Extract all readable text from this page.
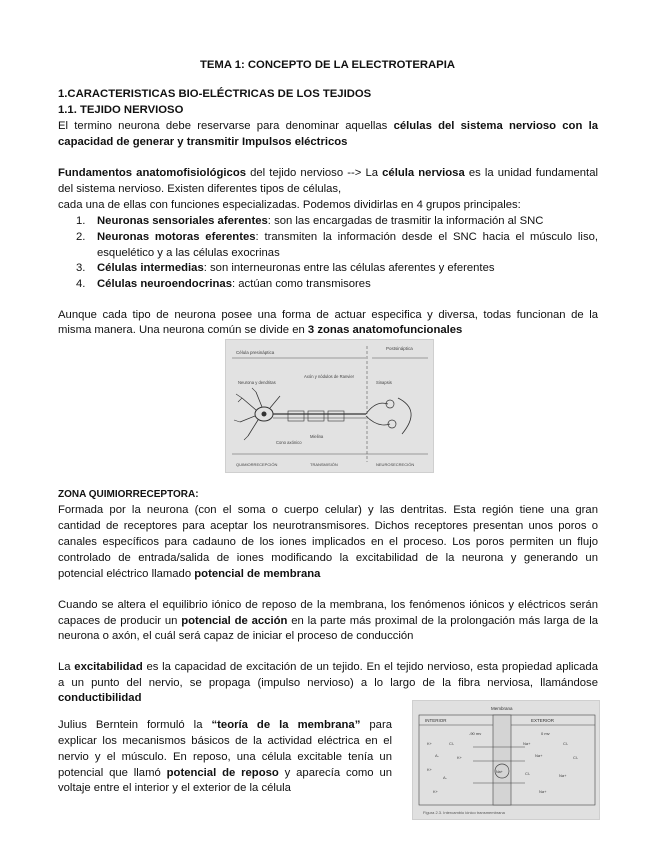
TEMA 1: CONCEPTO DE LA ELECTROTERAPIA
1.CARACTERISTICAS BIO-ELÉCTRICAS DE LOS TEJIDOS
1.1. TEJIDO NERVIOSO
El termino neurona debe reservarse para denominar aquellas células del sistema nervioso con la
capacidad de generar y transmitir Impulsos eléctricos
Fundamentos anatomofisiológicos del tejido nervioso --> La célula nerviosa es la unidad fundamental
del sistema nervioso. Existen diferentes tipos de células,
cada una de ellas con funciones especializadas. Podemos dividirlas en 4 grupos principales:
1.	Neuronas sensoriales aferentes: son las encargadas de trasmitir la información al SNC
2.	Neuronas motoras eferentes: transmiten la información desde el SNC hacia el músculo liso,
esquelético y a las células exocrinas
3.	Células intermedias: son interneuronas entre las células aferentes y eferentes
4.	Células neuroendocrinas: actúan como transmisores
Aunque cada tipo de neurona posee una forma de actuar especifica y diversa, todas funcionan de la
misma manera. Una neurona común se divide en 3 zonas anatomofuncionales
Célula presináptica
Postsináptica
Neurona y dendritas
Axón y nódulos de Ranvier
Sinapsis
Cono axónico
Mielina
QUIMIORRECEPCIÓN	TRANSMISIÓN	NEUROSECRECIÓN
ZONA QUIMIORRECEPTORA:
Formada por la neurona (con el soma o cuerpo celular) y las dentritas. Esta región tiene una gran
cantidad de receptores para aceptar los neurotransmisores. Dichos receptores presentan unos poros o
canales específicos para cadauno de los iones implicados en el proceso. Los poros permiten un flujo
controlado de entrada/salida de iones modificando la excitabilidad de la neurona y generando un
potencial eléctrico llamado potencial de membrana
Cuando se altera el equilibrio iónico de reposo de la membrana, los fenómenos iónicos y eléctricos serán
capaces de producir un potencial de acción en la parte más proximal de la prolongación más larga de la
neurona o axón, el cuál será capaz de iniciar el proceso de conducción
La excitabilidad es la capacidad de excitación de un tejido. En el tejido nervioso, esta propiedad aplicada
a un punto del nervio, se propaga (impulso nervioso) a lo largo de la fibra nerviosa, llamándose
conductibilidad
Julius Berntein formuló la “teoría de la membrana” para
explicar los mecanismos básicos de la actividad eléctrica en el
nervio y el músculo. En reposo, una célula excitable tenía un
potencial que llamó potencial de reposo y aparecía como un
voltaje entre el interior y el exterior de la célula
Membrana
INTERIOR	EXTERIOR
-90 mv	0 mv
K+	Cl-	Na+	Cl-
A-	K+	Na+	Cl-
K+
A-
Cl-	Na+
K+	Na+
Na+
Figura 2.3. Intercambio iónico transmembrana
